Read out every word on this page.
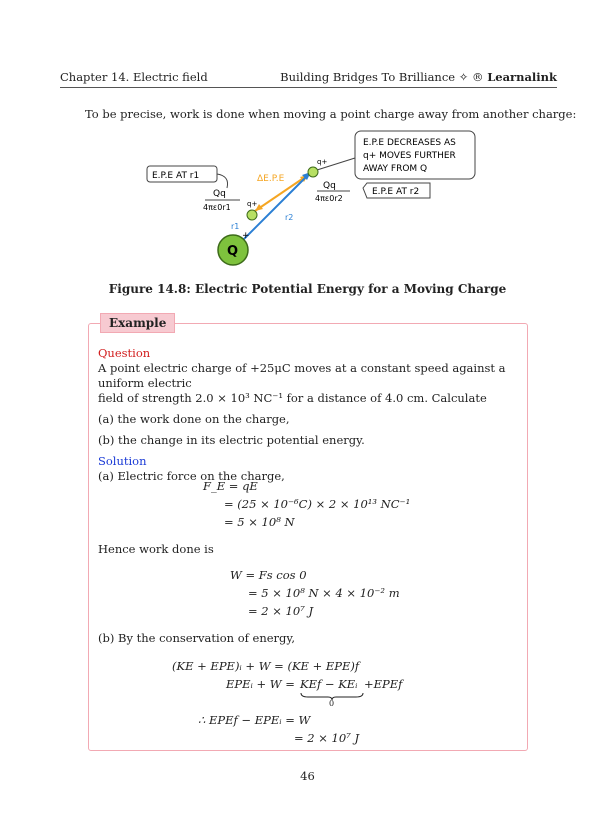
Chapter 14. Electric field	Building Bridges To Brilliance ✧ ® Learnalink

To be precise, work is done when moving a point charge away from another charge:

E.P.E DECREASES AS
q+ MOVES FURTHER
AWAY FROM Q
E.P.E AT r1
Qq
4πε0r1
Qq
4πε0r2
E.P.E AT r2
ΔE.P.E
r2
r1
Q
+
q+
q+
Figure 14.8: Electric Potential Energy for a Moving Charge
Example

Question

A point electric charge of +25μC moves at a constant speed against a uniform electric

field of strength 2.0 × 10³ NC⁻¹ for a distance of 4.0 cm. Calculate

(a) the work done on the charge,

(b) the change in its electric potential energy.

Solution

(a) Electric force on the charge,

F_E = qE
= (25 × 10⁻⁶C) × 2 × 10¹³ NC⁻¹
= 5 × 10⁸ N

Hence work done is

W = Fs cos 0
= 5 × 10⁸ N × 4 × 10⁻² m
= 2 × 10⁷ J

(b) By the conservation of energy,

(KE + EPE)ᵢ + W = (KE + EPE)f
EPEᵢ + W = KEf − KEᵢ +EPEf
0
∴ EPEf − EPEᵢ = W
= 2 × 10⁷ J
46
